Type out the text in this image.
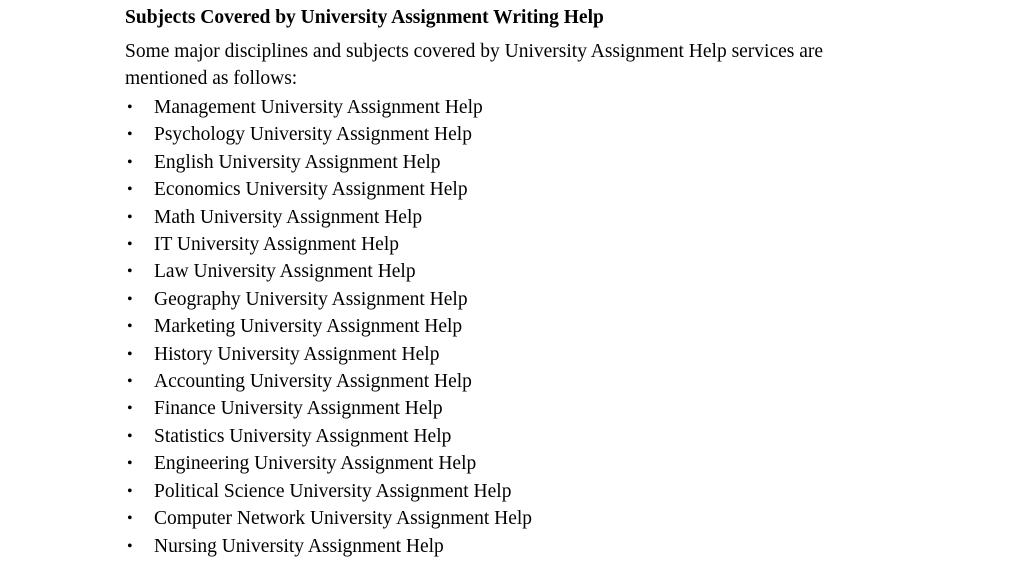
Subjects Covered by University Assignment Writing Help

Some major disciplines and subjects covered by University Assignment Help services are mentioned as follows:

• Management University Assignment Help
• Psychology University Assignment Help
• English University Assignment Help
• Economics University Assignment Help
• Math University Assignment Help
• IT University Assignment Help
• Law University Assignment Help
• Geography University Assignment Help
• Marketing University Assignment Help
• History University Assignment Help
• Accounting University Assignment Help
• Finance University Assignment Help
• Statistics University Assignment Help
• Engineering University Assignment Help
• Political Science University Assignment Help
• Computer Network University Assignment Help
• Nursing University Assignment Help
